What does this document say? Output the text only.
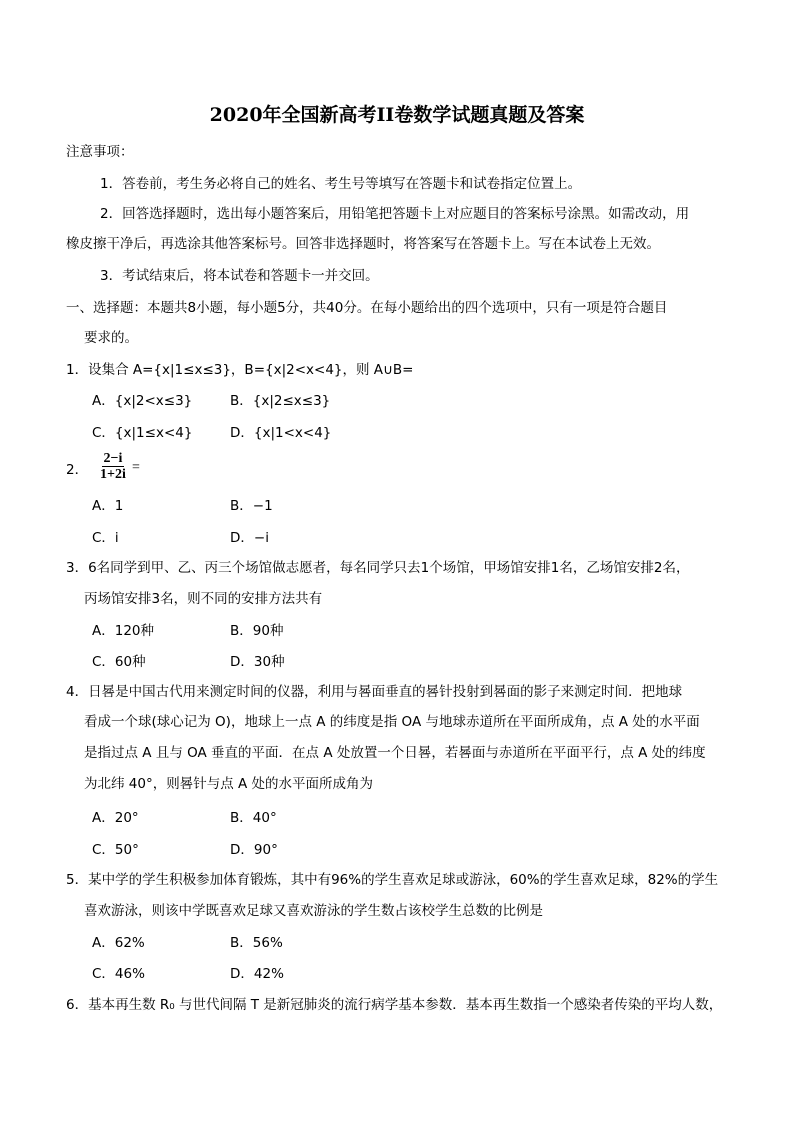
2020年全国新高考II卷数学试题真题及答案
注意事项：
1．答卷前，考生务必将自己的姓名、考生号等填写在答题卡和试卷指定位置上。
2．回答选择题时，选出每小题答案后，用铅笔把答题卡上对应题目的答案标号涂黑。如需改动，用
橡皮擦干净后，再选涂其他答案标号。回答非选择题时，将答案写在答题卡上。写在本试卷上无效。
3．考试结束后，将本试卷和答题卡一并交回。
一、选择题：本题共8小题，每小题5分，共40分。在每小题给出的四个选项中，只有一项是符合题目
要求的。
1．设集合 A={x|1≤x≤3}，B={x|2<x<4}，则 A∪B=
A．{x|2<x≤3}	B．{x|2≤x≤3}
C．{x|1≤x<4}	D．{x|1<x<4}
2． $\frac{2-i}{1+2i}$ =
A．1	B．−1
C．i	D．−i
3．6名同学到甲、乙、丙三个场馆做志愿者，每名同学只去1个场馆，甲场馆安排1名，乙场馆安排2名，
丙场馆安排3名，则不同的安排方法共有
A．120种	B．90种
C．60种	D．30种
4．日晷是中国古代用来测定时间的仪器，利用与晷面垂直的晷针投射到晷面的影子来测定时间．把地球
看成一个球(球心记为 O)，地球上一点 A 的纬度是指 OA 与地球赤道所在平面所成角，点 A 处的水平面
是指过点 A 且与 OA 垂直的平面．在点 A 处放置一个日晷，若晷面与赤道所在平面平行，点 A 处的纬度
为北纬 40°，则晷针与点 A 处的水平面所成角为
A．20°	B．40°
C．50°	D．90°
5．某中学的学生积极参加体育锻炼，其中有96%的学生喜欢足球或游泳，60%的学生喜欢足球，82%的学生
喜欢游泳，则该中学既喜欢足球又喜欢游泳的学生数占该校学生总数的比例是
A．62%	B．56%
C．46%	D．42%
6．基本再生数 R₀ 与世代间隔 T 是新冠肺炎的流行病学基本参数．基本再生数指一个感染者传染的平均人数，
